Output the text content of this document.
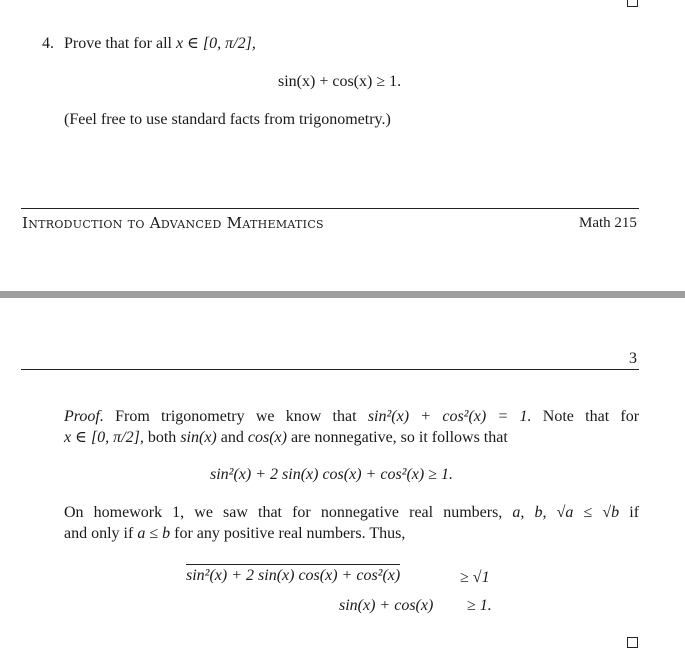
4. Prove that for all x ∈ [0, π/2],
sin(x) + cos(x) ≥ 1.
(Feel free to use standard facts from trigonometry.)
Introduction to Advanced Mathematics	Math 215
3
Proof. From trigonometry we know that sin²(x) + cos²(x) = 1. Note that for
x ∈ [0, π/2], both sin(x) and cos(x) are nonnegative, so it follows that
sin²(x) + 2 sin(x) cos(x) + cos²(x) ≥ 1.
On homework 1, we saw that for nonnegative real numbers, a, b, √a ≤ √b if
and only if a ≤ b for any positive real numbers. Thus,
sin²(x) + 2 sin(x) cos(x) + cos²(x)	≥ √1
sin(x) + cos(x) ≥ 1.
